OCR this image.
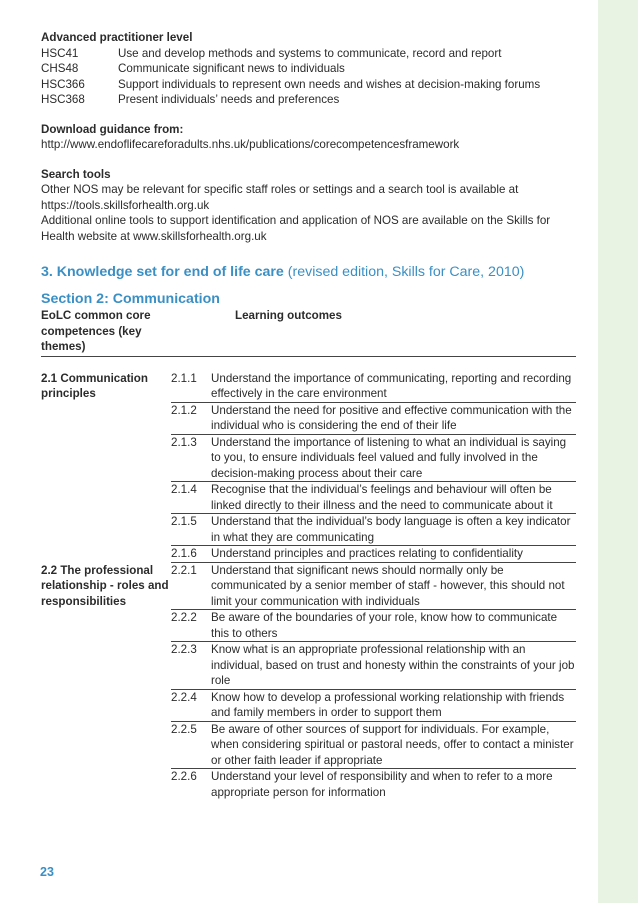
Advanced practitioner level
HSC41	Use and develop methods and systems to communicate, record and report
CHS48	Communicate significant news to individuals
HSC366	Support individuals to represent own needs and wishes at decision-making forums
HSC368	Present individuals’ needs and preferences
Download guidance from:
http://www.endoflifecareforadults.nhs.uk/publications/corecompetencesframework
Search tools
Other NOS may be relevant for specific staff roles or settings and a search tool is available at https://tools.skillsforhealth.org.uk
Additional online tools to support identification and application of NOS are available on the Skills for Health website at www.skillsforhealth.org.uk
3. Knowledge set for end of life care (revised edition, Skills for Care, 2010)
Section 2: Communication
EoLC common core competences (key themes)
Learning outcomes
2.1 Communication principles
2.1.1	Understand the importance of communicating, reporting and recording effectively in the care environment
2.1.2	Understand the need for positive and effective communication with the individual who is considering the end of their life
2.1.3	Understand the importance of listening to what an individual is saying to you, to ensure individuals feel valued and fully involved in the decision-making process about their care
2.1.4	Recognise that the individual’s feelings and behaviour will often be linked directly to their illness and the need to communicate about it
2.1.5	Understand that the individual’s body language is often a key indicator in what they are communicating
2.1.6	Understand principles and practices relating to confidentiality
2.2 The professional relationship - roles and responsibilities
2.2.1	Understand that significant news should normally only be communicated by a senior member of staff - however, this should not limit your communication with individuals
2.2.2	Be aware of the boundaries of your role, know how to communicate this to others
2.2.3	Know what is an appropriate professional relationship with an individual, based on trust and honesty within the constraints of your job role
2.2.4	Know how to develop a professional working relationship with friends and family members in order to support them
2.2.5	Be aware of other sources of support for individuals. For example, when considering spiritual or pastoral needs, offer to contact a minister or other faith leader if appropriate
2.2.6	Understand your level of responsibility and when to refer to a more appropriate person for information
23
